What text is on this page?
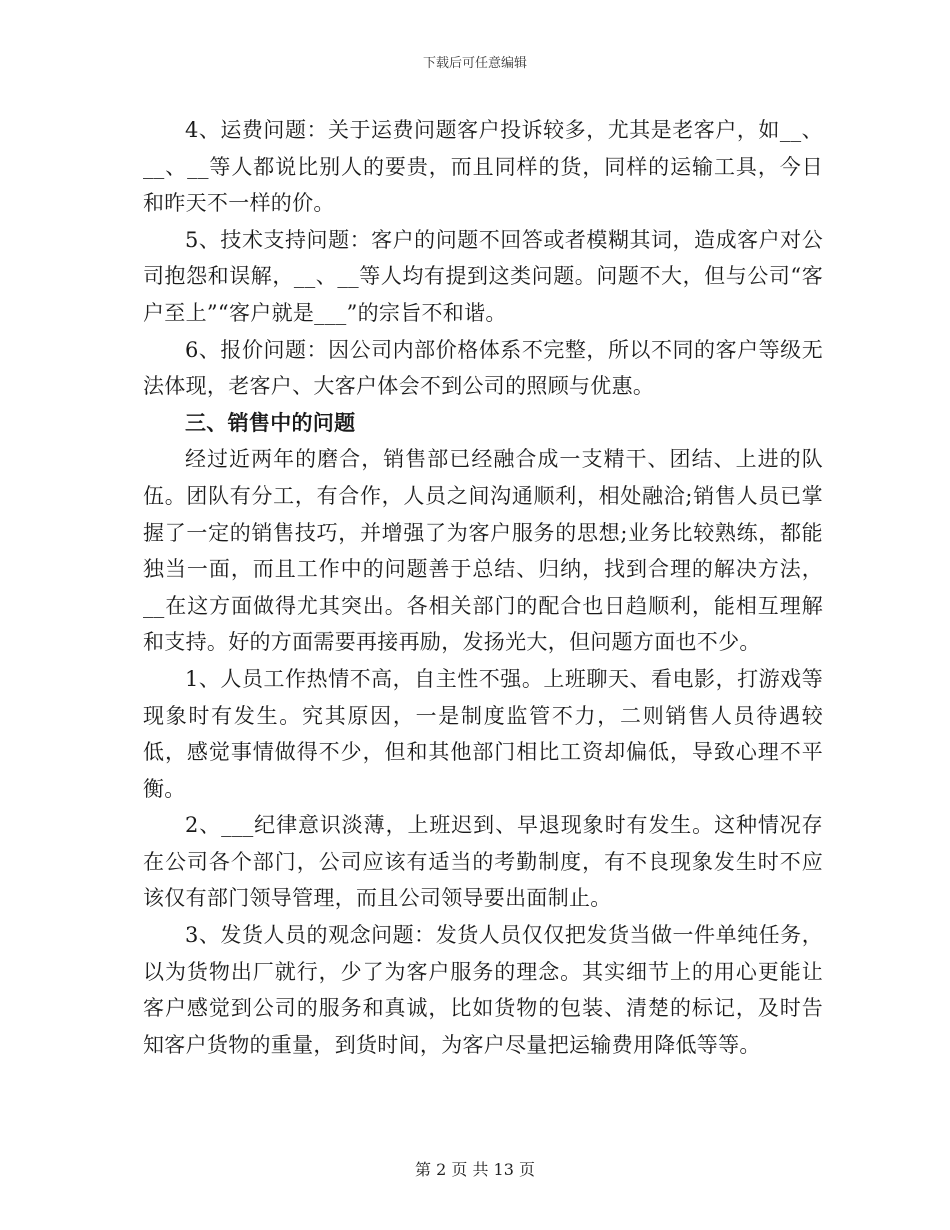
下载后可任意编辑

4、运费问题：关于运费问题客户投诉较多，尤其是老客户，如__、__、__等人都说比别人的要贵，而且同样的货，同样的运输工具，今日和昨天不一样的价。

5、技术支持问题：客户的问题不回答或者模糊其词，造成客户对公司抱怨和误解，__、__等人均有提到这类问题。问题不大，但与公司“客户至上”“客户就是___”的宗旨不和谐。

6、报价问题：因公司内部价格体系不完整，所以不同的客户等级无法体现，老客户、大客户体会不到公司的照顾与优惠。

三、销售中的问题

经过近两年的磨合，销售部已经融合成一支精干、团结、上进的队伍。团队有分工，有合作，人员之间沟通顺利，相处融洽;销售人员已掌握了一定的销售技巧，并增强了为客户服务的思想;业务比较熟练，都能独当一面，而且工作中的问题善于总结、归纳，找到合理的解决方法，__在这方面做得尤其突出。各相关部门的配合也日趋顺利，能相互理解和支持。好的方面需要再接再励，发扬光大，但问题方面也不少。

1、人员工作热情不高，自主性不强。上班聊天、看电影，打游戏等现象时有发生。究其原因，一是制度监管不力，二则销售人员待遇较低，感觉事情做得不少，但和其他部门相比工资却偏低，导致心理不平衡。

2、___纪律意识淡薄，上班迟到、早退现象时有发生。这种情况存在公司各个部门，公司应该有适当的考勤制度，有不良现象发生时不应该仅有部门领导管理，而且公司领导要出面制止。

3、发货人员的观念问题：发货人员仅仅把发货当做一件单纯任务，以为货物出厂就行，少了为客户服务的理念。其实细节上的用心更能让客户感觉到公司的服务和真诚，比如货物的包装、清楚的标记，及时告知客户货物的重量，到货时间，为客户尽量把运输费用降低等等。

第 2 页 共 13 页
